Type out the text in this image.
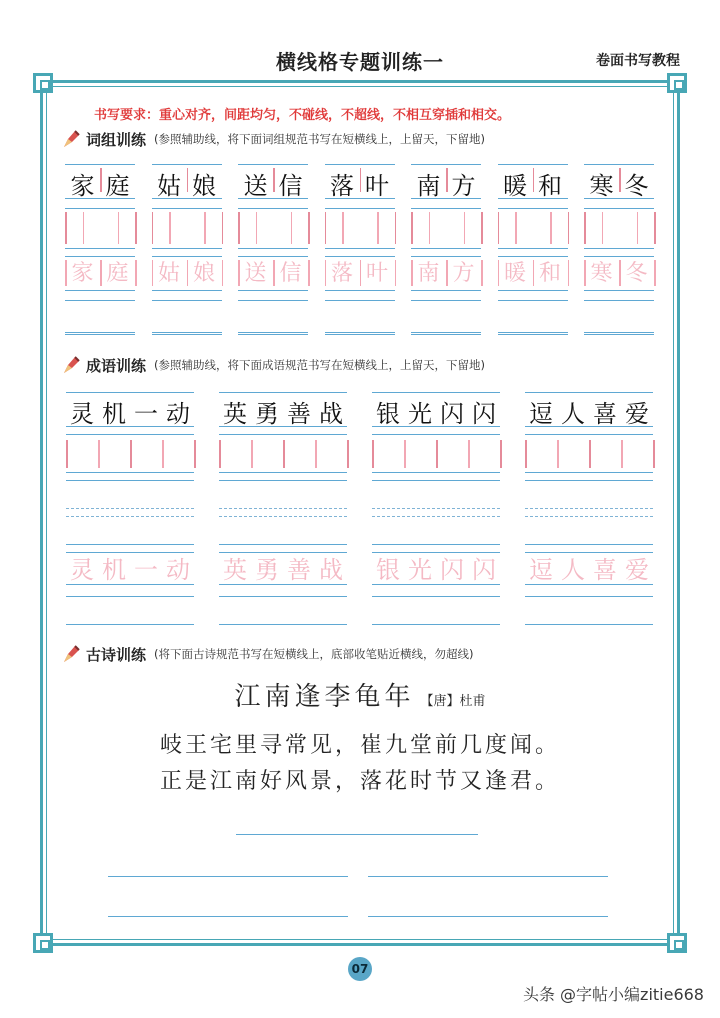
横线格专题训练一	卷面书写教程
书写要求：重心对齐，间距均匀，不碰线，不超线，不相互穿插和相交。
词组训练 (参照辅助线，将下面词组规范书写在短横线上，上留天，下留地)
家 庭
家 庭
姑 娘
姑 娘
送 信
送 信
落 叶
落 叶
南 方
南 方
暖 和
暖 和
寒 冬
寒 冬
成语训练 (参照辅助线，将下面成语规范书写在短横线上，上留天，下留地)
灵 机 一 动
灵 机 一 动
英 勇 善 战
英 勇 善 战
银 光 闪 闪
银 光 闪 闪
逗 人 喜 爱
逗 人 喜 爱
古诗训练 (将下面古诗规范书写在短横线上，底部收笔贴近横线，勿超线)
江南逢李龟年 【唐】杜甫
岐王宅里寻常见，崔九堂前几度闻。
正是江南好风景，落花时节又逢君。
07
头条 @字帖小编zitie668
